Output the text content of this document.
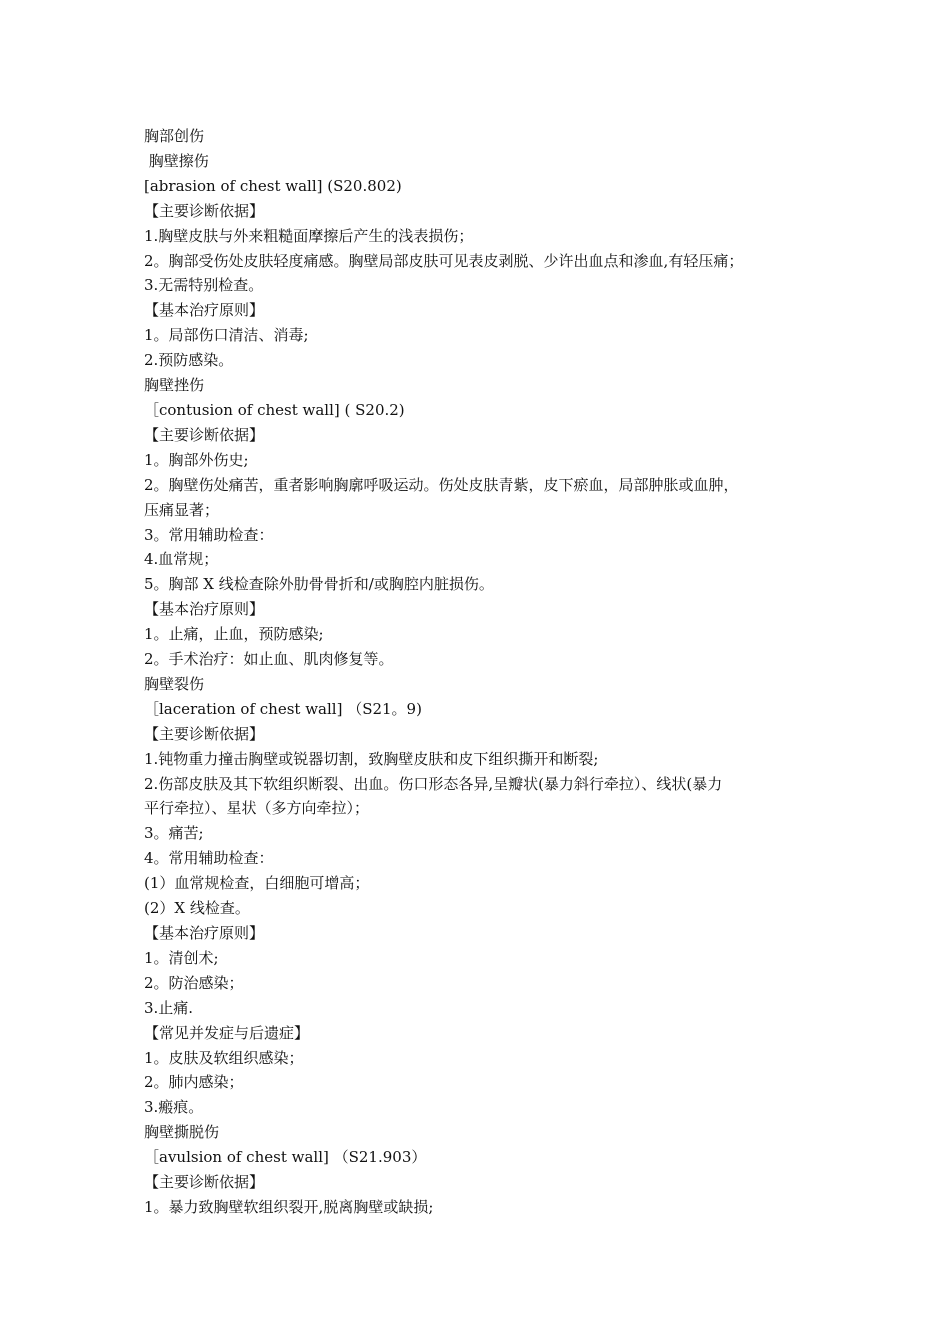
胸部创伤

胸壁擦伤

[abrasion of chest wall] (S20.802)

【主要诊断依据】

1.胸壁皮肤与外来粗糙面摩擦后产生的浅表损伤；

2。胸部受伤处皮肤轻度痛感。胸壁局部皮肤可见表皮剥脱、少许出血点和渗血,有轻压痛；

3.无需特别检查。

【基本治疗原则】

1。局部伤口清洁、消毒;

2.预防感染。

胸壁挫伤

［contusion of chest wall] ( S20.2)

【主要诊断依据】

1。胸部外伤史;

2。胸壁伤处痛苦，重者影响胸廓呼吸运动。伤处皮肤青紫，皮下瘀血，局部肿胀或血肿，

压痛显著；

3。常用辅助检查：

4.血常规；

5。胸部 X 线检查除外肋骨骨折和/或胸腔内脏损伤。

【基本治疗原则】

1。止痛，止血，预防感染;

2。手术治疗：如止血、肌肉修复等。

胸壁裂伤

［laceration of chest wall] （S21。9)

【主要诊断依据】

1.钝物重力撞击胸壁或锐器切割，致胸壁皮肤和皮下组织撕开和断裂;

2.伤部皮肤及其下软组织断裂、出血。伤口形态各异,呈瓣状(暴力斜行牵拉）、线状(暴力

平行牵拉）、星状（多方向牵拉）；

3。痛苦;

4。常用辅助检查：

(1）血常规检查，白细胞可增高；

(2）X 线检查。

【基本治疗原则】

1。清创术;

2。防治感染；

3.止痛.

【常见并发症与后遗症】

1。皮肤及软组织感染；

2。肺内感染；

3.瘢痕。

胸壁撕脱伤

［avulsion of chest wall] （S21.903）

【主要诊断依据】

1。暴力致胸壁软组织裂开,脱离胸壁或缺损;
